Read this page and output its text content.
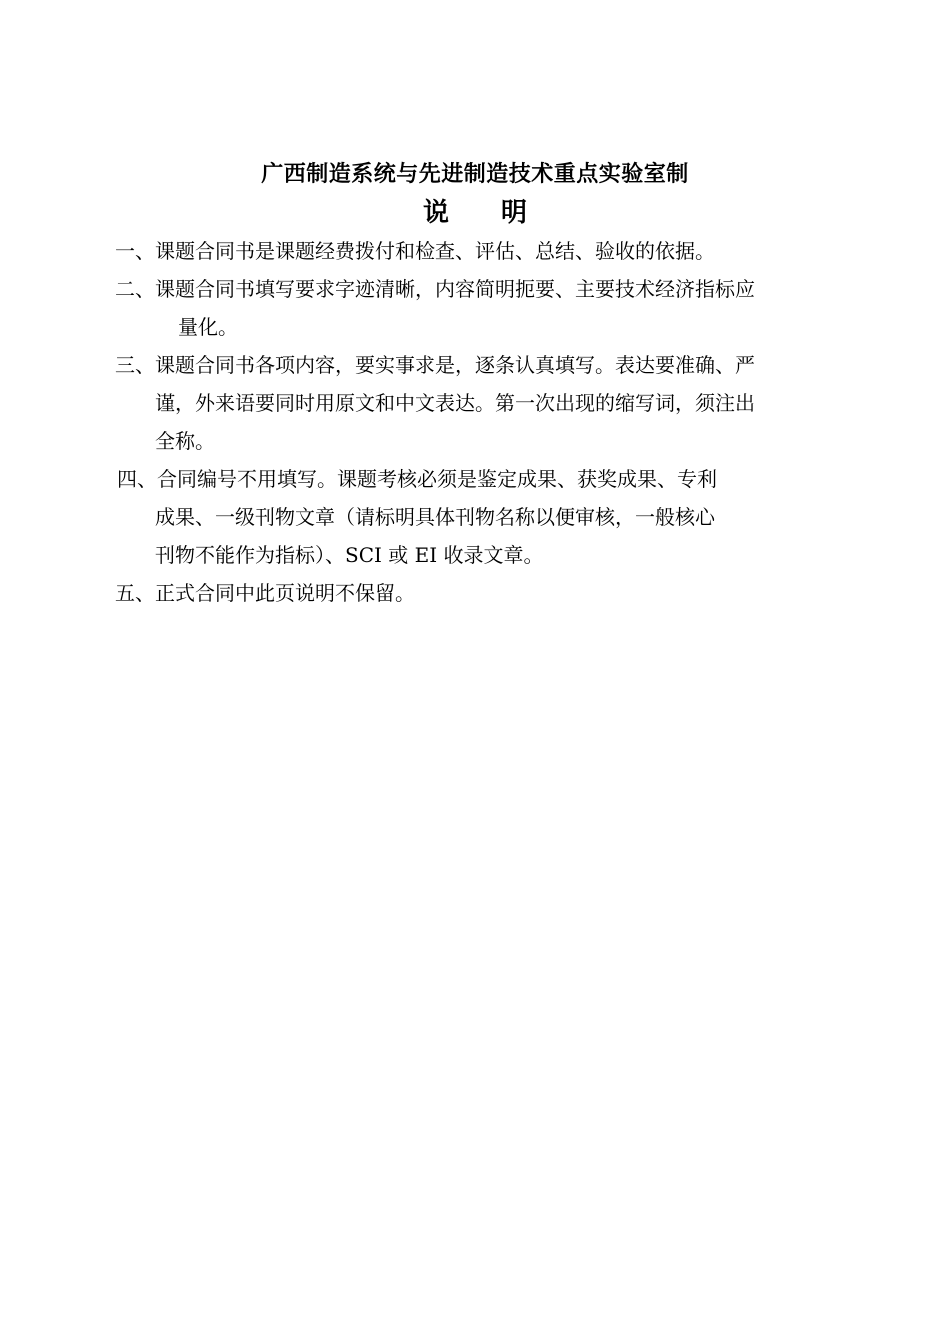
广西制造系统与先进制造技术重点实验室制
说 明
一、课题合同书是课题经费拨付和检查、评估、总结、验收的依据。
二、课题合同书填写要求字迹清晰，内容简明扼要、主要技术经济指标应
量化。
三、课题合同书各项内容，要实事求是，逐条认真填写。表达要准确、严
谨，外来语要同时用原文和中文表达。第一次出现的缩写词，须注出
全称。
四、合同编号不用填写。课题考核必须是鉴定成果、获奖成果、专利
成果、一级刊物文章（请标明具体刊物名称以便审核，一般核心
刊物不能作为指标）、SCI 或 EI 收录文章。
五、正式合同中此页说明不保留。
